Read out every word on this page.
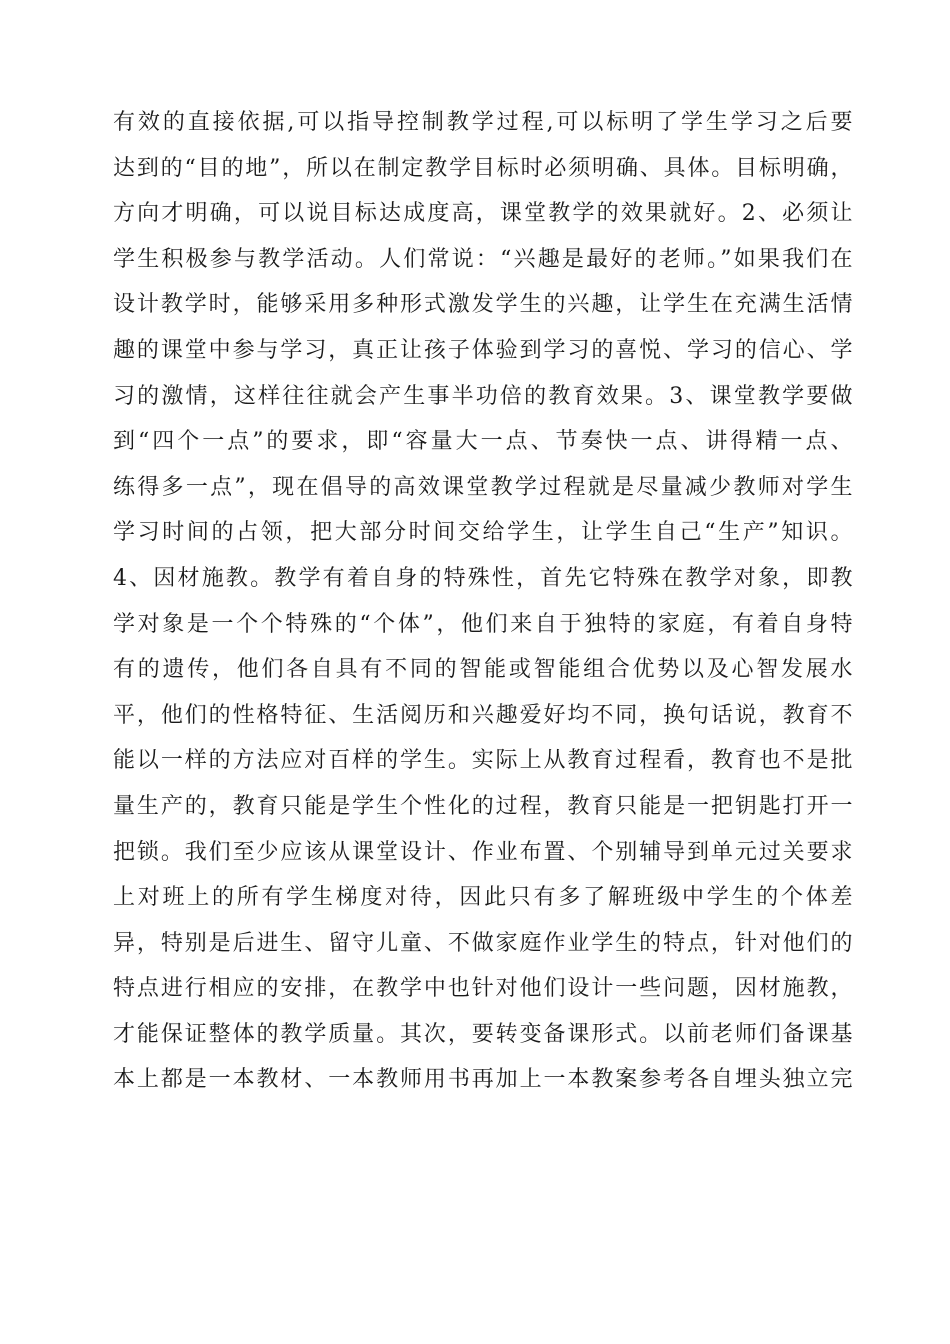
有效的直接依据,可以指导控制教学过程,可以标明了学生学习之后要
达到的“目的地”，所以在制定教学目标时必须明确、具体。目标明确，
方向才明确，可以说目标达成度高，课堂教学的效果就好。2、必须让
学生积极参与教学活动。人们常说：“兴趣是最好的老师。”如果我们在
设计教学时，能够采用多种形式激发学生的兴趣，让学生在充满生活情
趣的课堂中参与学习，真正让孩子体验到学习的喜悦、学习的信心、学
习的激情，这样往往就会产生事半功倍的教育效果。3、课堂教学要做
到“四个一点”的要求，即“容量大一点、节奏快一点、讲得精一点、
练得多一点”，现在倡导的高效课堂教学过程就是尽量减少教师对学生
学习时间的占领，把大部分时间交给学生，让学生自己“生产”知识。
4、因材施教。教学有着自身的特殊性，首先它特殊在教学对象，即教
学对象是一个个特殊的“个体”，他们来自于独特的家庭，有着自身特
有的遗传，他们各自具有不同的智能或智能组合优势以及心智发展水
平，他们的性格特征、生活阅历和兴趣爱好均不同，换句话说，教育不
能以一样的方法应对百样的学生。实际上从教育过程看，教育也不是批
量生产的，教育只能是学生个性化的过程，教育只能是一把钥匙打开一
把锁。我们至少应该从课堂设计、作业布置、个别辅导到单元过关要求
上对班上的所有学生梯度对待，因此只有多了解班级中学生的个体差
异，特别是后进生、留守儿童、不做家庭作业学生的特点，针对他们的
特点进行相应的安排，在教学中也针对他们设计一些问题，因材施教，
才能保证整体的教学质量。其次，要转变备课形式。以前老师们备课基
本上都是一本教材、一本教师用书再加上一本教案参考各自埋头独立完
